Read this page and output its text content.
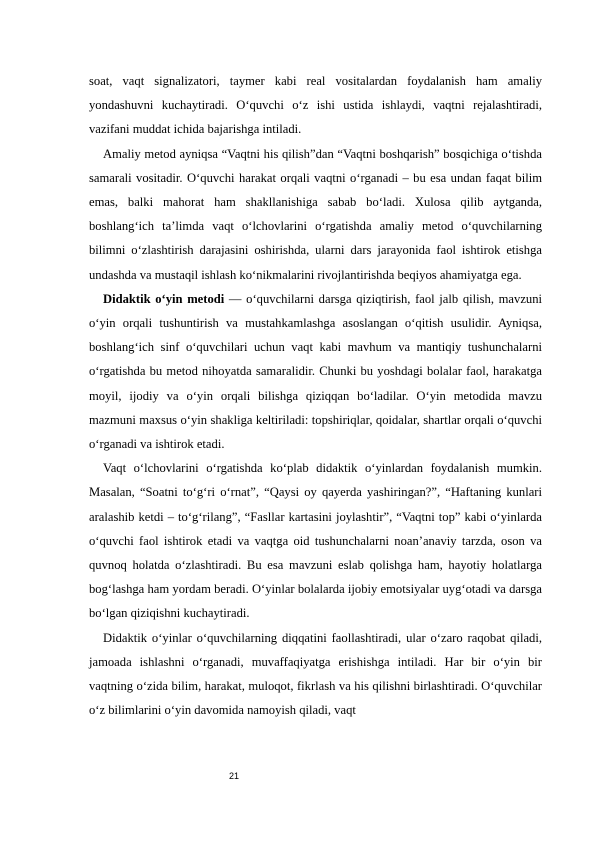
soat, vaqt signalizatori, taymer kabi real vositalardan foydalanish ham amaliy yondashuvni kuchaytiradi. O‘quvchi o‘z ishi ustida ishlaydi, vaqtni rejalashtiradi, vazifani muddat ichida bajarishga intiladi.

Amaliy metod ayniqsa “Vaqtni his qilish”dan “Vaqtni boshqarish” bosqichiga o‘tishda samarali vositadir. O‘quvchi harakat orqali vaqtni o‘rganadi – bu esa undan faqat bilim emas, balki mahorat ham shakllanishiga sabab bo‘ladi. Xulosa qilib aytganda, boshlang‘ich ta’limda vaqt o‘lchovlarini o‘rgatishda amaliy metod o‘quvchilarning bilimni o‘zlashtirish darajasini oshirishda, ularni dars jarayonida faol ishtirok etishga undashda va mustaqil ishlash ko‘nikmalarini rivojlantirishda beqiyos ahamiyatga ega.

Didaktik o‘yin metodi — o‘quvchilarni darsga qiziqtirish, faol jalb qilish, mavzuni o‘yin orqali tushuntirish va mustahkamlashga asoslangan o‘qitish usulidir. Ayniqsa, boshlang‘ich sinf o‘quvchilari uchun vaqt kabi mavhum va mantiqiy tushunchalarni o‘rgatishda bu metod nihoyatda samaralidir. Chunki bu yoshdagi bolalar faol, harakatga moyil, ijodiy va o‘yin orqali bilishga qiziqqan bo‘ladilar. O‘yin metodida mavzu mazmuni maxsus o‘yin shakliga keltiriladi: topshiriqlar, qoidalar, shartlar orqali o‘quvchi o‘rganadi va ishtirok etadi.

Vaqt o‘lchovlarini o‘rgatishda ko‘plab didaktik o‘yinlardan foydalanish mumkin. Masalan, “Soatni to‘g‘ri o‘rnat”, “Qaysi oy qayerda yashiringan?”, “Haftaning kunlari aralashib ketdi – to‘g‘rilang”, “Fasllar kartasini joylashtir”, “Vaqtni top” kabi o‘yinlarda o‘quvchi faol ishtirok etadi va vaqtga oid tushunchalarni noan’anaviy tarzda, oson va quvnoq holatda o‘zlashtiradi. Bu esa mavzuni eslab qolishga ham, hayotiy holatlarga bog‘lashga ham yordam beradi. O‘yinlar bolalarda ijobiy emotsiyalar uyg‘otadi va darsga bo‘lgan qiziqishni kuchaytiradi.

Didaktik o‘yinlar o‘quvchilarning diqqatini faollashtiradi, ular o‘zaro raqobat qiladi, jamoada ishlashni o‘rganadi, muvaffaqiyatga erishishga intiladi. Har bir o‘yin bir vaqtning o‘zida bilim, harakat, muloqot, fikrlash va his qilishni birlashtiradi. O‘quvchilar o‘z bilimlarini o‘yin davomida namoyish qiladi, vaqt

21
